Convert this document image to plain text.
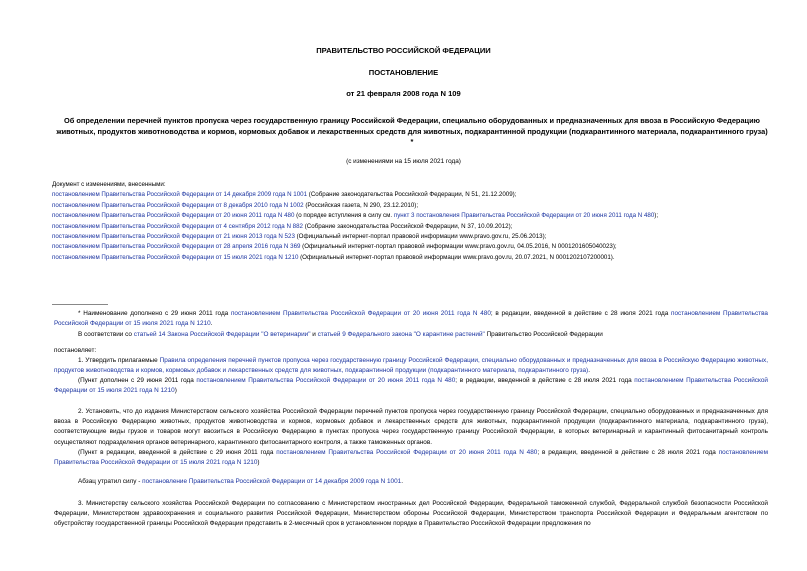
ПРАВИТЕЛЬСТВО РОССИЙСКОЙ ФЕДЕРАЦИИ
ПОСТАНОВЛЕНИЕ
от 21 февраля 2008 года N 109
Об определении перечней пунктов пропуска через государственную границу Российской Федерации, специально оборудованных и предназначенных для ввоза в Российскую Федерацию животных, продуктов животноводства и кормов, кормовых добавок и лекарственных средств для животных, подкарантинной продукции (подкарантинного материала, подкарантинного груза) *
(с изменениями на 15 июля 2021 года)
Документ с изменениями, внесенными:
постановлением Правительства Российской Федерации от 14 декабря 2009 года N 1001 (Собрание законодательства Российской Федерации, N 51, 21.12.2009);
постановлением Правительства Российской Федерации от 8 декабря 2010 года N 1002 (Российская газета, N 290, 23.12.2010);
постановлением Правительства Российской Федерации от 20 июня 2011 года N 480 (о порядке вступления в силу см. пункт 3 постановления Правительства Российской Федерации от 20 июня 2011 года N 480);
постановлением Правительства Российской Федерации от 4 сентября 2012 года N 882 (Собрание законодательства Российской Федерации, N 37, 10.09.2012);
постановлением Правительства Российской Федерации от 21 июня 2013 года N 523 (Официальный интернет-портал правовой информации www.pravo.gov.ru, 25.06.2013);
постановлением Правительства Российской Федерации от 28 апреля 2016 года N 369 (Официальный интернет-портал правовой информации www.pravo.gov.ru, 04.05.2016, N 0001201605040023);
постановлением Правительства Российской Федерации от 15 июля 2021 года N 1210 (Официальный интернет-портал правовой информации www.pravo.gov.ru, 20.07.2021, N 0001202107200001).
* Наименование дополнено с 29 июня 2011 года постановлением Правительства Российской Федерации от 20 июня 2011 года N 480; в редакции, введенной в действие с 28 июля 2021 года постановлением Правительства Российской Федерации от 15 июля 2021 года N 1210.
В соответствии со статьей 14 Закона Российской Федерации "О ветеринарии" и статьей 9 Федерального закона "О карантине растений" Правительство Российской Федерации
постановляет:
1. Утвердить прилагаемые Правила определения перечней пунктов пропуска через государственную границу Российской Федерации, специально оборудованных и предназначенных для ввоза в Российскую Федерацию животных, продуктов животноводства и кормов, кормовых добавок и лекарственных средств для животных, подкарантинной продукции (подкарантинного материала, подкарантинного груза).
(Пункт дополнен с 29 июня 2011 года постановлением Правительства Российской Федерации от 20 июня 2011 года N 480; в редакции, введенной в действие с 28 июля 2021 года постановлением Правительства Российской Федерации от 15 июля 2021 года N 1210)
2. Установить, что до издания Министерством сельского хозяйства Российской Федерации перечней пунктов пропуска через государственную границу Российской Федерации, специально оборудованных и предназначенных для ввоза в Российскую Федерацию животных, продуктов животноводства и кормов, кормовых добавок и лекарственных средств для животных, подкарантинной продукции (подкарантинного материала, подкарантинного груза), соответствующие виды грузов и товаров могут ввозиться в Российскую Федерацию в пунктах пропуска через государственную границу Российской Федерации, в которых ветеринарный и карантинный фитосанитарный контроль осуществляют подразделения органов ветеринарного, карантинного фитосанитарного контроля, а также таможенных органов.
(Пункт в редакции, введенной в действие с 29 июня 2011 года постановлением Правительства Российской Федерации от 20 июня 2011 года N 480; в редакции, введенной в действие с 28 июля 2021 года постановлением Правительства Российской Федерации от 15 июля 2021 года N 1210)
Абзац утратил силу - постановление Правительства Российской Федерации от 14 декабря 2009 года N 1001.
3. Министерству сельского хозяйства Российской Федерации по согласованию с Министерством иностранных дел Российской Федерации, Федеральной таможенной службой, Федеральной службой безопасности Российской Федерации, Министерством здравоохранения и социального развития Российской Федерации, Министерством обороны Российской Федерации, Министерством транспорта Российской Федерации и Федеральным агентством по обустройству государственной границы Российской Федерации представить в 2-месячный срок в установленном порядке в Правительство Российской Федерации предложения по
